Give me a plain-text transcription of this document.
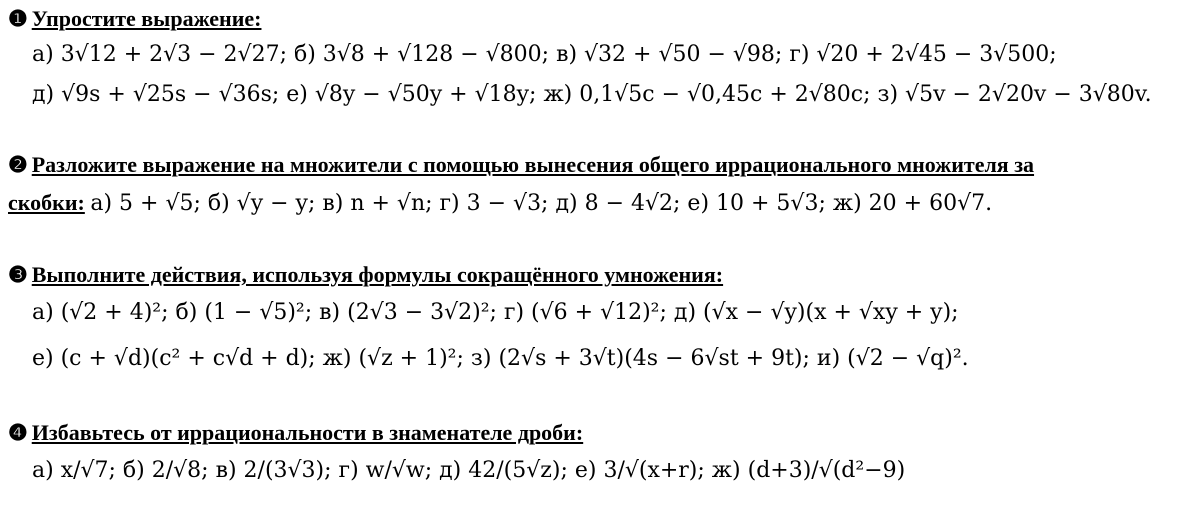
❶ Упростите выражение:
а) 3√12 + 2√3 − 2√27; б) 3√8 + √128 − √800; в) √32 + √50 − √98; г) √20 + 2√45 − 3√500;
д) √9s + √25s − √36s; е) √8y − √50y + √18y; ж) 0,1√5c − √0,45c + 2√80c; з) √5v − 2√20v − 3√80v.
❷ Разложите выражение на множители с помощью вынесения общего иррационального множителя за
скобки: а) 5 + √5; б) √y − y; в) n + √n; г) 3 − √3; д) 8 − 4√2; е) 10 + 5√3; ж) 20 + 60√7.
❸ Выполните действия, используя формулы сокращённого умножения:
а) (√2 + 4)²; б) (1 − √5)²; в) (2√3 − 3√2)²; г) (√6 + √12)²; д) (√x − √y)(x + √xy + y);
е) (c + √d)(c² + c√d + d); ж) (√z + 1)²; з) (2√s + 3√t)(4s − 6√st + 9t); и) (√2 − √q)².
❹ Избавьтесь от иррациональности в знаменателе дроби:
а) x/√7; б) 2/√8; в) 2/(3√3); г) w/√w; д) 42/(5√z); е) 3/√(x+r); ж) (d+3)/√(d²−9)
